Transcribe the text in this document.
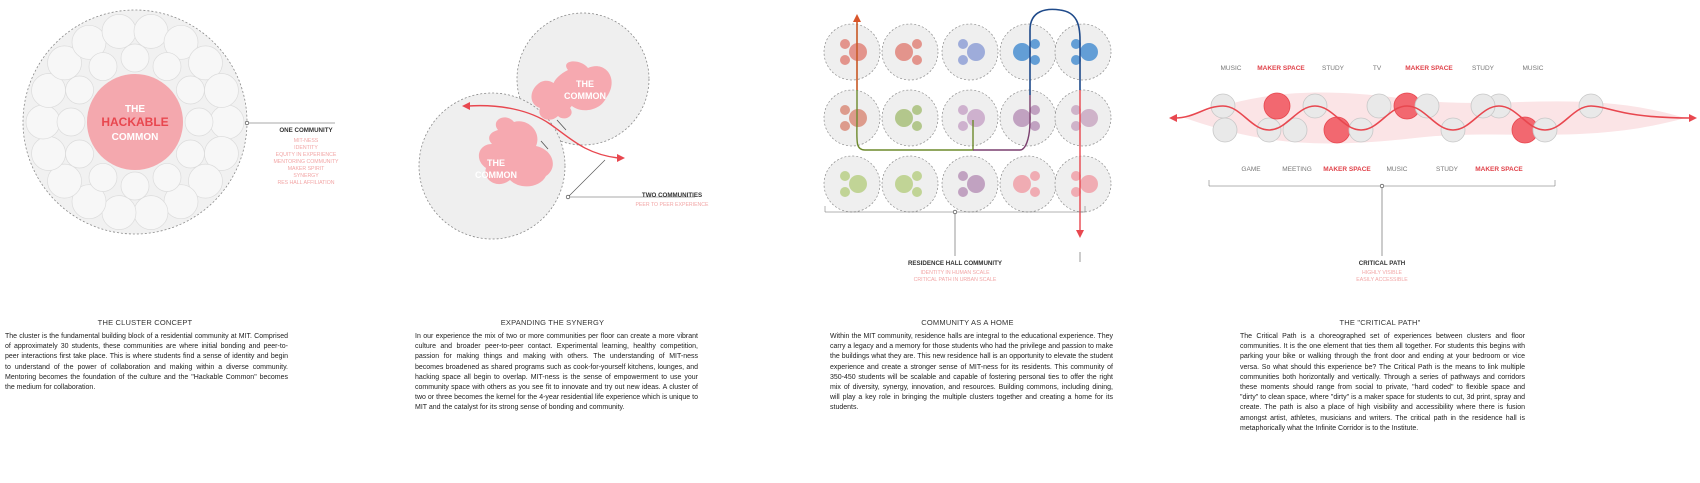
THE
HACKABLE
COMMON
ONE COMMUNITY
MIT-NESS
IDENTITY
EQUITY IN EXPERIENCE
MENTORING COMMUNITY
MAKER SPIRIT
SYNERGY
RES HALL AFFILIATION
THE CLUSTER CONCEPT
The cluster is the fundamental building block of a residential community at MIT. Comprised of approximately 30 students, these communities are where initial bonding and peer-to-peer interactions first take place. This is where students find a sense of identity and begin to understand of the power of collaboration and making within a diverse community. Mentoring becomes the foundation of the culture and the "Hackable Common" becomes the medium for collaboration.
THE
COMMON
THE
COMMON
TWO COMMUNITIES
PEER TO PEER EXPERIENCE
EXPANDING THE SYNERGY
In our experience the mix of two or more communities per floor can create a more vibrant culture and broader peer-to-peer contact. Experimental learning, healthy competition, passion for making things and making with others. The understanding of MIT-ness becomes broadened as shared programs such as cook-for-yourself kitchens, lounges, and hacking space all begin to overlap. MIT-ness is the sense of empowerment to use your community space with others as you see fit to innovate and try out new ideas. A cluster of two or three becomes the kernel for the 4-year residential life experience which is unique to MIT and the catalyst for its strong sense of bonding and community.
RESIDENCE HALL COMMUNITY
IDENTITY IN HUMAN SCALE
CRITICAL PATH IN URBAN SCALE
COMMUNITY AS A HOME
Within the MIT community, residence halls are integral to the educational experience. They carry a legacy and a memory for those students who had the privilege and passion to make the buildings what they are. This new residence hall is an opportunity to elevate the student experience and create a stronger sense of MIT-ness for its residents. This community of 350-450 students will be scalable and capable of fostering personal ties to offer the right mix of diversity, synergy, innovation, and resources. Building commons, including dining, will play a key role in bringing the multiple clusters together and creating a home for its students.
MUSIC MAKER SPACE	STUDY	TV	MAKER SPACE	STUDY	MUSIC
GAME	MEETING MAKER SPACE MUSIC	STUDY	MAKER SPACE
CRITICAL PATH
HIGHLY VISIBLE
EASILY ACCESSIBLE
THE "CRITICAL PATH"
The Critical Path is a choreographed set of experiences between clusters and floor communities. It is the one element that ties them all together. For students this begins with parking your bike or walking through the front door and ending at your bedroom or vice versa. So what should this experience be? The Critical Path is the means to link multiple communities both horizontally and vertically. Through a series of pathways and corridors these moments should range from social to private, "hard coded" to flexible space and "dirty" to clean space, where "dirty" is a maker space for students to cut, 3d print, spray and create. The path is also a place of high visibility and accessibility where there is fusion amongst artist, athletes, musicians and writers. The critical path in the residence hall is metaphorically what the Infinite Corridor is to the Institute.
